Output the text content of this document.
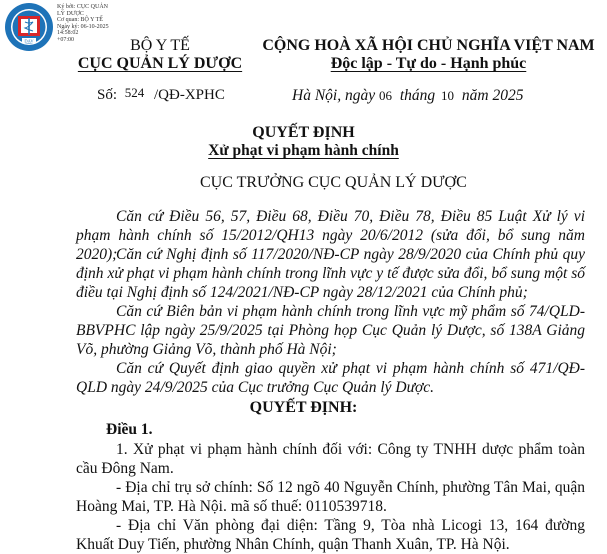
DAV
Ký bởi: CỤC QUẢN LÝ DƯỢC
Cơ quan: BỘ Y TẾ
Ngày ký: 06-10-2025 14:58:02
+07:00	BỘ Y TẾ
CỤC QUẢN LÝ DƯỢC
Số: 524 /QĐ-XPHC
CỘNG HOÀ XÃ HỘI CHỦ NGHĨA VIỆT NAM
Độc lập - Tự do - Hạnh phúc
Hà Nội, ngày 06 tháng 10 năm 2025
QUYẾT ĐỊNH
Xử phạt vi phạm hành chính
CỤC TRƯỞNG CỤC QUẢN LÝ DƯỢC
Căn cứ Điều 56, 57, Điều 68, Điều 70, Điều 78, Điều 85 Luật Xử lý vi phạm hành chính số 15/2012/QH13 ngày 20/6/2012 (sửa đổi, bổ sung năm 2020);
Căn cứ Nghị định số 117/2020/NĐ-CP ngày 28/9/2020 của Chính phủ quy định xử phạt vi phạm hành chính trong lĩnh vực y tế được sửa đổi, bổ sung một số điều tại Nghị định số 124/2021/NĐ-CP ngày 28/12/2021 của Chính phủ;
Căn cứ Biên bản vi phạm hành chính trong lĩnh vực mỹ phẩm số 74/QLD-BBVPHC lập ngày 25/9/2025 tại Phòng họp Cục Quản lý Dược, số 138A Giảng Võ, phường Giảng Võ, thành phố Hà Nội;
Căn cứ Quyết định giao quyền xử phạt vi phạm hành chính số 471/QĐ-QLD ngày 24/9/2025 của Cục trưởng Cục Quản lý Dược.
QUYẾT ĐỊNH:
Điều 1.
1. Xử phạt vi phạm hành chính đối với: Công ty TNHH dược phẩm toàn cầu Đông Nam.
- Địa chỉ trụ sở chính: Số 12 ngõ 40 Nguyễn Chính, phường Tân Mai, quận Hoàng Mai, TP. Hà Nội. mã số thuế: 0110539718.
- Địa chỉ Văn phòng đại diện: Tầng 9, Tòa nhà Licogi 13, 164 đường Khuất Duy Tiến, phường Nhân Chính, quận Thanh Xuân, TP. Hà Nội.
